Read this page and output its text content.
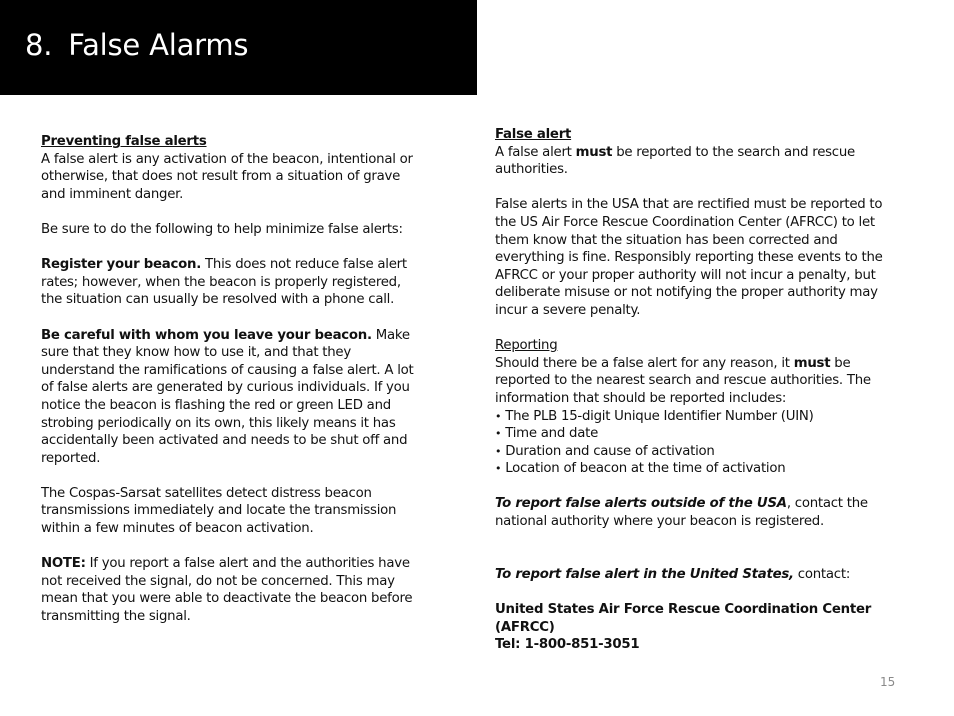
8. False Alarms

Preventing false alerts

A false alert is any activation of the beacon, intentional or otherwise, that does not result from a situation of grave and imminent danger.

Be sure to do the following to help minimize false alerts:

Register your beacon. This does not reduce false alert rates; however, when the beacon is properly registered, the situation can usually be resolved with a phone call.

Be careful with whom you leave your beacon. Make sure that they know how to use it, and that they understand the ramifications of causing a false alert. A lot of false alerts are generated by curious individuals. If you notice the beacon is flashing the red or green LED and strobing periodically on its own, this likely means it has accidentally been activated and needs to be shut off and reported.

The Cospas-Sarsat satellites detect distress beacon transmissions immediately and locate the transmission within a few minutes of beacon activation.

NOTE: If you report a false alert and the authorities have not received the signal, do not be concerned. This may mean that you were able to deactivate the beacon before transmitting the signal.

False alert

A false alert must be reported to the search and rescue authorities.

False alerts in the USA that are rectified must be reported to the US Air Force Rescue Coordination Center (AFRCC) to let them know that the situation has been corrected and everything is fine. Responsibly reporting these events to the AFRCC or your proper authority will not incur a penalty, but deliberate misuse or not notifying the proper authority may incur a severe penalty.

Reporting

Should there be a false alert for any reason, it must be reported to the nearest search and rescue authorities. The information that should be reported includes:

• The PLB 15-digit Unique Identifier Number (UIN)

• Time and date

• Duration and cause of activation

• Location of beacon at the time of activation

To report false alerts outside of the USA, contact the national authority where your beacon is registered.

To report false alert in the United States, contact:

United States Air Force Rescue Coordination Center (AFRCC)

Tel: 1-800-851-3051

15
